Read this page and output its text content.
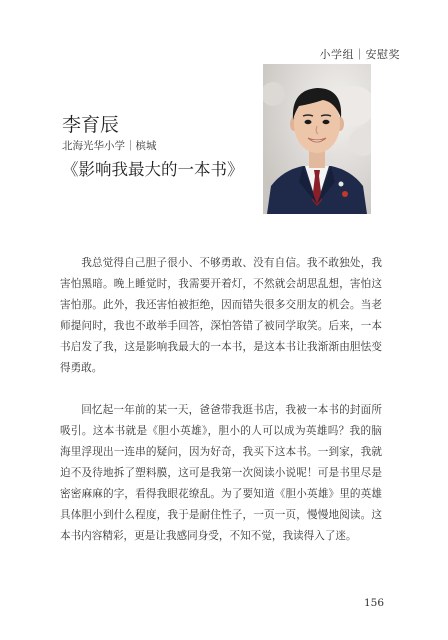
小学组｜安慰奖
李育辰
北海光华小学｜槟城
《影响我最大的一本书》

我总觉得自己胆子很小、不够勇敢、没有自信。我不敢独处，我害怕黑暗。晚上睡觉时，我需要开着灯，不然就会胡思乱想，害怕这害怕那。此外，我还害怕被拒绝，因而错失很多交朋友的机会。当老师提问时，我也不敢举手回答，深怕答错了被同学取笑。后来，一本书启发了我，这是影响我最大的一本书，是这本书让我渐渐由胆怯变得勇敢。

回忆起一年前的某一天，爸爸带我逛书店，我被一本书的封面所吸引。这本书就是《胆小英雄》，胆小的人可以成为英雄吗？我的脑海里浮现出一连串的疑问，因为好奇，我买下这本书。一到家，我就迫不及待地拆了塑料膜，这可是我第一次阅读小说呢！可是书里尽是密密麻麻的字，看得我眼花缭乱。为了要知道《胆小英雄》里的英雄具体胆小到什么程度，我于是耐住性子，一页一页，慢慢地阅读。这本书内容精彩，更是让我感同身受，不知不觉，我读得入了迷。

156
